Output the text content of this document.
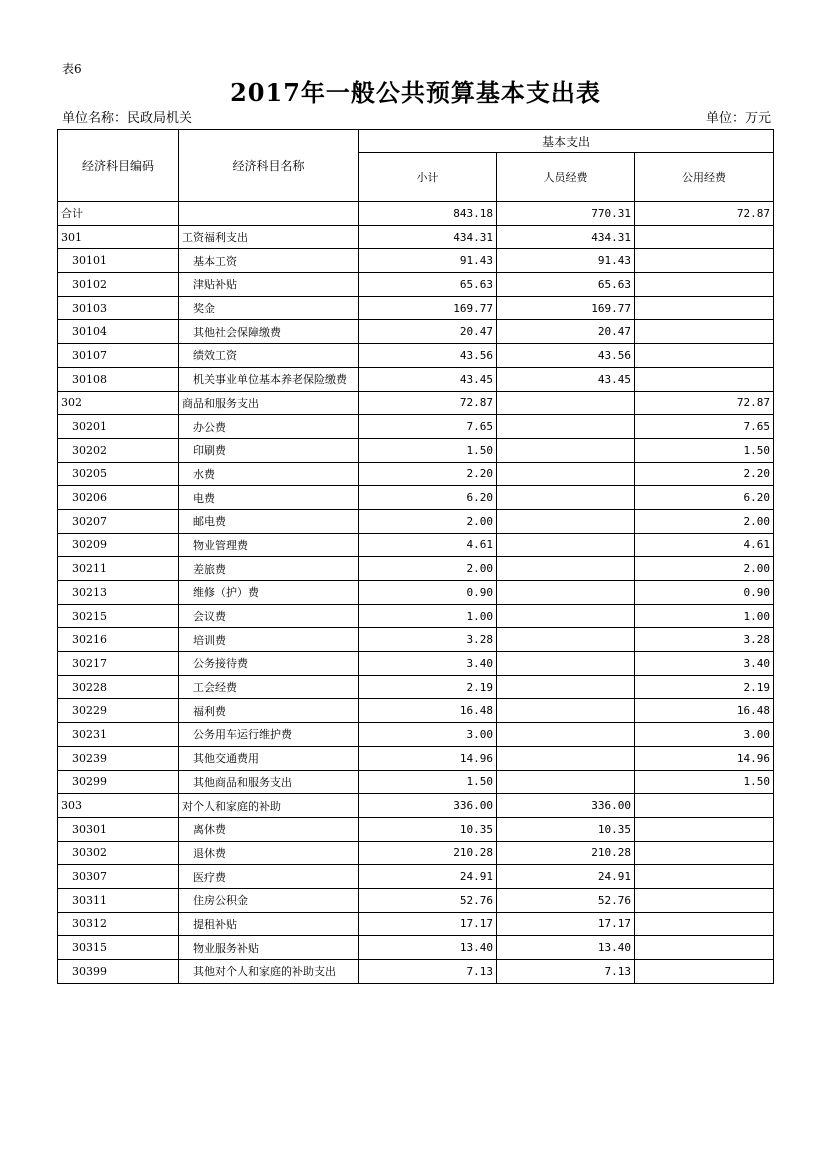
表6
2017年一般公共预算基本支出表
单位名称：民政局机关	单位：万元
经济科目编码	经济科目名称	基本支出		
		小计	人员经费	公用经费
合计		843.18	770.31	72.87
301	工资福利支出	434.31	434.31	
30101	基本工资	91.43	91.43	
30102	津贴补贴	65.63	65.63	
30103	奖金	169.77	169.77	
30104	其他社会保障缴费	20.47	20.47	
30107	绩效工资	43.56	43.56	
30108	机关事业单位基本养老保险缴费	43.45	43.45	
302	商品和服务支出	72.87		72.87
30201	办公费	7.65		7.65
30202	印刷费	1.50		1.50
30205	水费	2.20		2.20
30206	电费	6.20		6.20
30207	邮电费	2.00		2.00
30209	物业管理费	4.61		4.61
30211	差旅费	2.00		2.00
30213	维修（护）费	0.90		0.90
30215	会议费	1.00		1.00
30216	培训费	3.28		3.28
30217	公务接待费	3.40		3.40
30228	工会经费	2.19		2.19
30229	福利费	16.48		16.48
30231	公务用车运行维护费	3.00		3.00
30239	其他交通费用	14.96		14.96
30299	其他商品和服务支出	1.50		1.50
303	对个人和家庭的补助	336.00	336.00	
30301	离休费	10.35	10.35	
30302	退休费	210.28	210.28	
30307	医疗费	24.91	24.91	
30311	住房公积金	52.76	52.76	
30312	提租补贴	17.17	17.17	
30315	物业服务补贴	13.40	13.40	
30399	其他对个人和家庭的补助支出	7.13	7.13	
